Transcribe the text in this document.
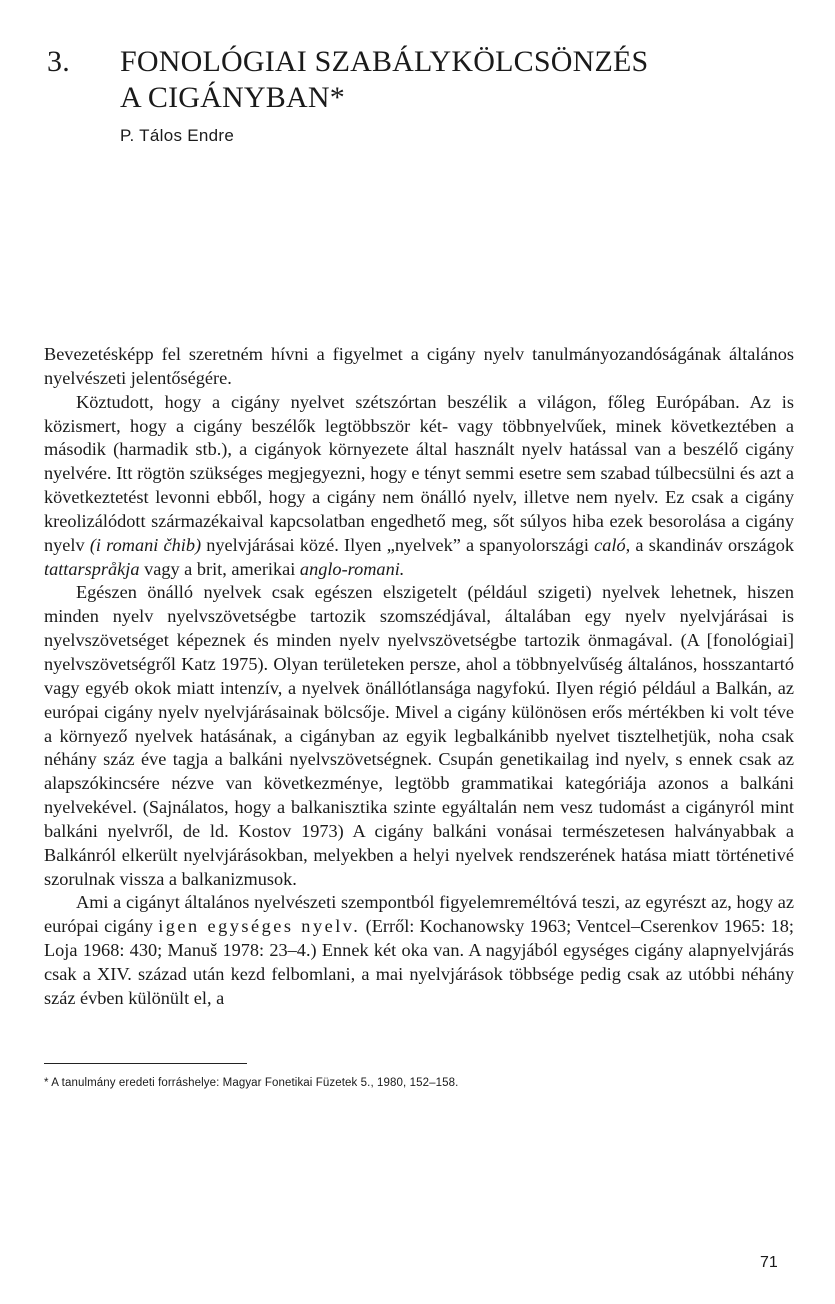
3. FONOLÓGIAI SZABÁLYKÖLCSÖNZÉS
A CIGÁNYBAN*
P. Tálos Endre

Bevezetésképp fel szeretném hívni a figyelmet a cigány nyelv tanulmányozandóságának általános nyelvészeti jelentőségére.

Köztudott, hogy a cigány nyelvet szétszórtan beszélik a világon, főleg Európában. Az is közismert, hogy a cigány beszélők legtöbbször két- vagy többnyelvűek, minek következtében a második (harmadik stb.), a cigányok környezete által használt nyelv hatással van a beszélő cigány nyelvére. Itt rögtön szükséges megjegyezni, hogy e tényt semmi esetre sem szabad túlbecsülni és azt a következtetést levonni ebből, hogy a cigány nem önálló nyelv, illetve nem nyelv. Ez csak a cigány kreolizálódott származékaival kapcsolatban engedhető meg, sőt súlyos hiba ezek besorolása a cigány nyelv (i romani čhib) nyelvjárásai közé. Ilyen „nyelvek” a spanyolországi caló, a skandináv országok tattarspråkja vagy a brit, amerikai anglo-romani.

Egészen önálló nyelvek csak egészen elszigetelt (például szigeti) nyelvek lehetnek, hiszen minden nyelv nyelvszövetségbe tartozik szomszédjával, általában egy nyelv nyelvjárásai is nyelvszövetséget képeznek és minden nyelv nyelvszövetségbe tartozik önmagával. (A [fonológiai] nyelvszövetségről Katz 1975). Olyan területeken persze, ahol a többnyelvűség általános, hosszantartó vagy egyéb okok miatt intenzív, a nyelvek önállótlansága nagyfokú. Ilyen régió például a Balkán, az európai cigány nyelv nyelvjárásainak bölcsője. Mivel a cigány különösen erős mértékben ki volt téve a környező nyelvek hatásának, a cigányban az egyik legbalkánibb nyelvet tisztelhetjük, noha csak néhány száz éve tagja a balkáni nyelvszövetségnek. Csupán genetikailag ind nyelv, s ennek csak az alapszókincsére nézve van következménye, legtöbb grammatikai kategóriája azonos a balkáni nyelvekével. (Sajnálatos, hogy a balkanisztika szinte egyáltalán nem vesz tudomást a cigányról mint balkáni nyelvről, de ld. Kostov 1973) A cigány balkáni vonásai természetesen halványabbak a Balkánról elkerült nyelvjárásokban, melyekben a helyi nyelvek rendszerének hatása miatt történetivé szorulnak vissza a balkanizmusok.

Ami a cigányt általános nyelvészeti szempontból figyelemreméltóvá teszi, az egyrészt az, hogy az európai cigány igen egységes nyelv. (Erről: Kochanowsky 1963; Ventcel–Cserenkov 1965: 18; Loja 1968: 430; Manuš 1978: 23–4.) Ennek két oka van. A nagyjából egységes cigány alapnyelvjárás csak a XIV. század után kezd felbomlani, a mai nyelvjárások többsége pedig csak az utóbbi néhány száz évben különült el, a

* A tanulmány eredeti forráshelye: Magyar Fonetikai Füzetek 5., 1980, 152–158.
71
